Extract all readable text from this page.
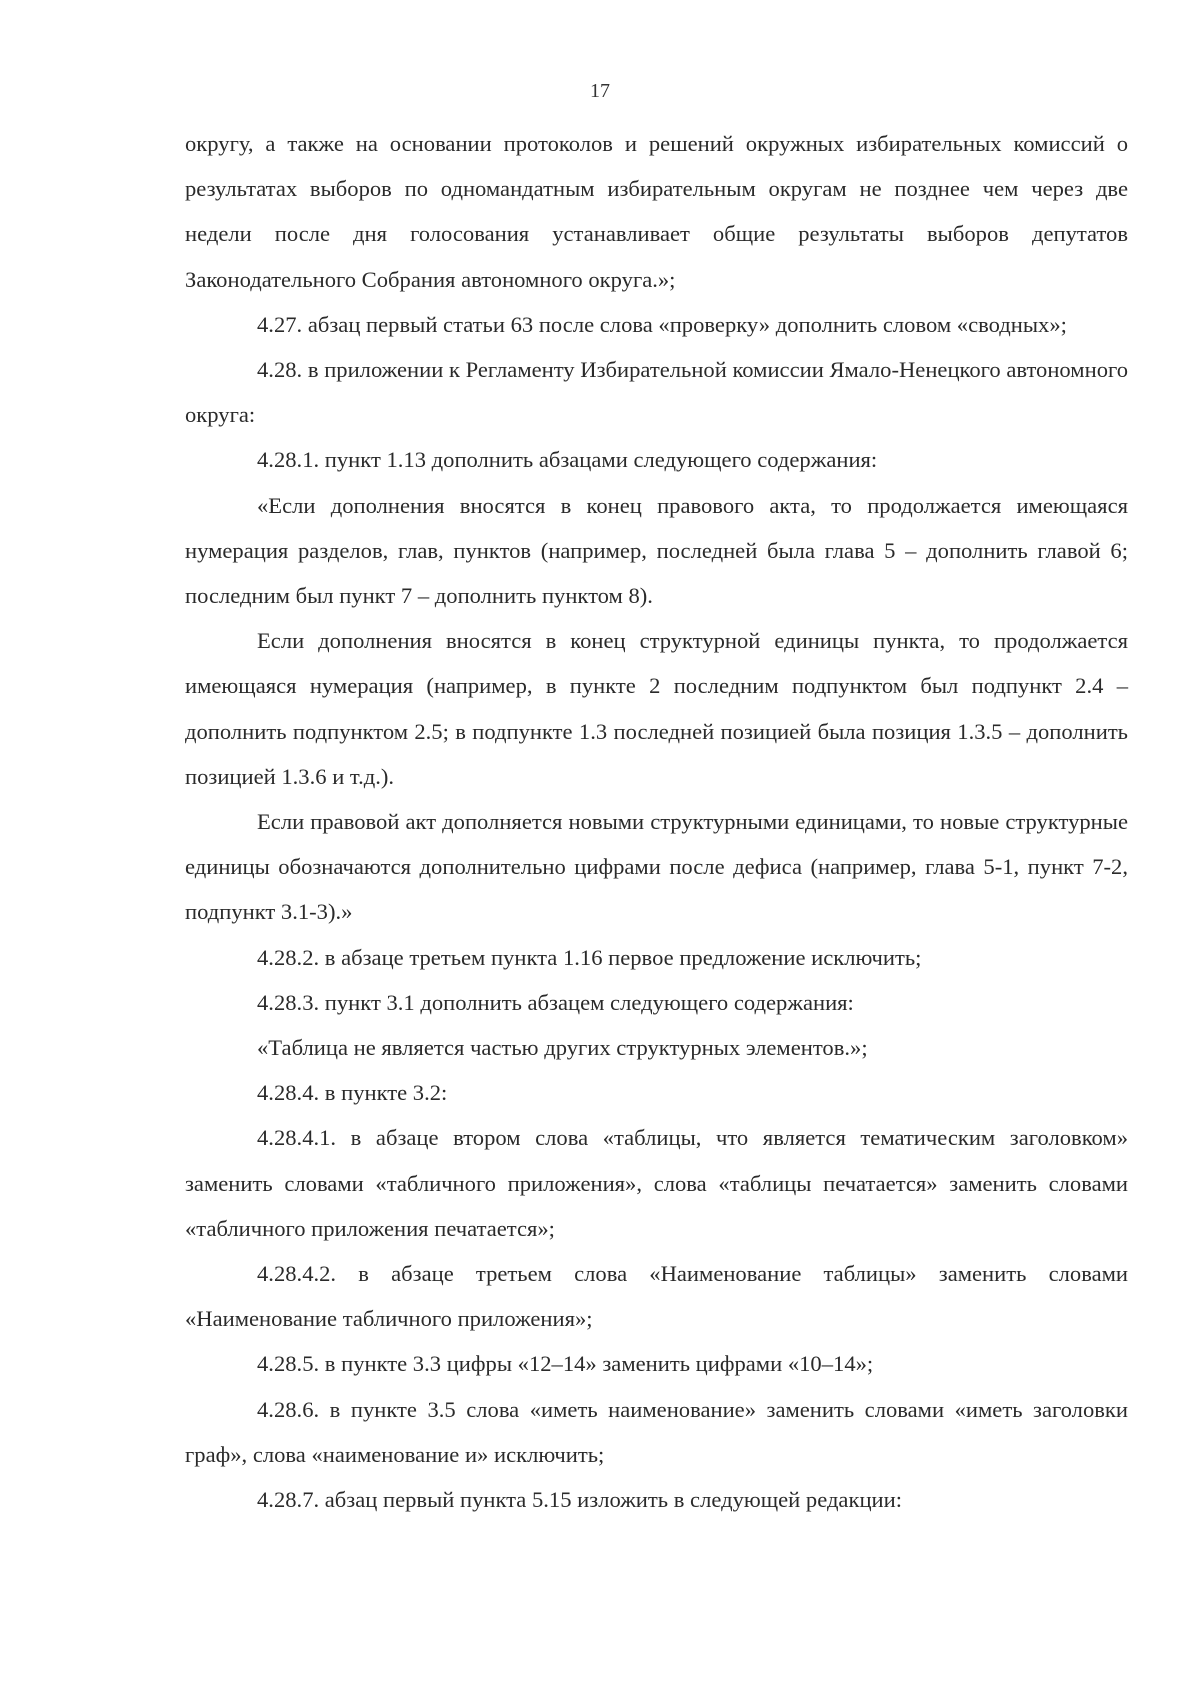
17

округу, а также на основании протоколов и решений окружных избирательных комиссий о результатах выборов по одномандатным избирательным округам не позднее чем через две недели после дня голосования устанавливает общие результаты выборов депутатов Законодательного Собрания автономного округа.»;

4.27. абзац первый статьи 63 после слова «проверку» дополнить словом «сводных»;

4.28. в приложении к Регламенту Избирательной комиссии Ямало-Ненецкого автономного округа:

4.28.1. пункт 1.13 дополнить абзацами следующего содержания:

«Если дополнения вносятся в конец правового акта, то продолжается имеющаяся нумерация разделов, глав, пунктов (например, последней была глава 5 – дополнить главой 6; последним был пункт 7 – дополнить пунктом 8).

Если дополнения вносятся в конец структурной единицы пункта, то продолжается имеющаяся нумерация (например, в пункте 2 последним подпунктом был подпункт 2.4 – дополнить подпунктом 2.5; в подпункте 1.3 последней позицией была позиция 1.3.5 – дополнить позицией 1.3.6 и т.д.).

Если правовой акт дополняется новыми структурными единицами, то новые структурные единицы обозначаются дополнительно цифрами после дефиса (например, глава 5-1, пункт 7-2, подпункт 3.1-3).»

4.28.2. в абзаце третьем пункта 1.16 первое предложение исключить;

4.28.3. пункт 3.1 дополнить абзацем следующего содержания:

«Таблица не является частью других структурных элементов.»;

4.28.4. в пункте 3.2:

4.28.4.1. в абзаце втором слова «таблицы, что является тематическим заголовком» заменить словами «табличного приложения», слова «таблицы печатается» заменить словами «табличного приложения печатается»;

4.28.4.2. в абзаце третьем слова «Наименование таблицы» заменить словами «Наименование табличного приложения»;

4.28.5. в пункте 3.3 цифры «12–14» заменить цифрами «10–14»;

4.28.6. в пункте 3.5 слова «иметь наименование» заменить словами «иметь заголовки граф», слова «наименование и» исключить;

4.28.7. абзац первый пункта 5.15 изложить в следующей редакции:
